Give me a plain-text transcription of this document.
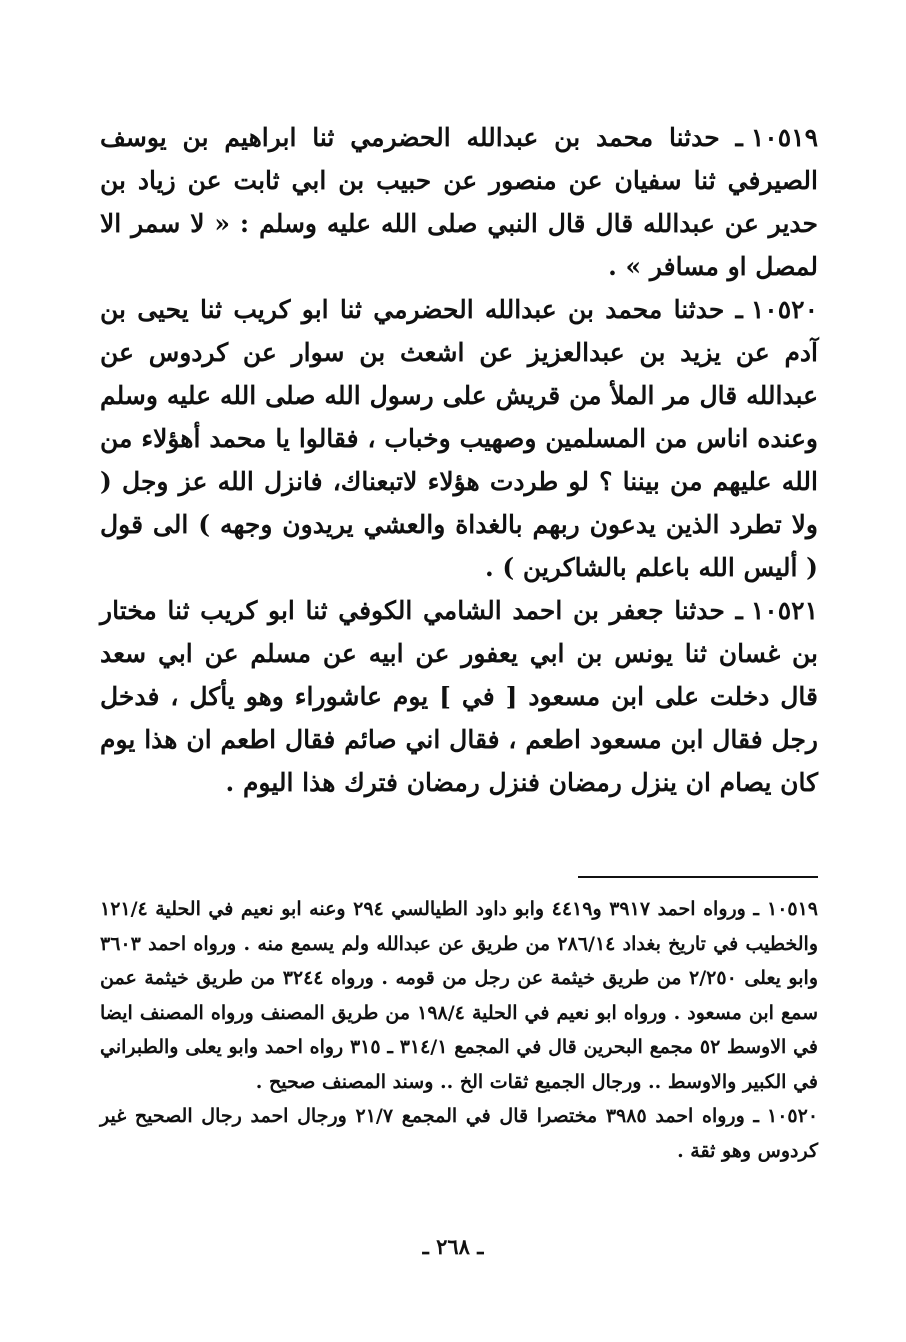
١٠٥١٩ـ حدثنا محمد بن عبدالله الحضرمي ثنا ابراهيم بن يوسف الصيرفي ثنا سفيان عن منصور عن حبيب بن ابي ثابت عن زياد بن حدير عن عبدالله قال قال النبي صلى الله عليه وسلم : « لا سمر الا لمصل او مسافر » .

١٠٥٢٠ـ حدثنا محمد بن عبدالله الحضرمي ثنا ابو كريب ثنا يحيى بن آدم عن يزيد بن عبدالعزيز عن اشعث بن سوار عن كردوس عن عبدالله قال مر الملأ من قريش على رسول الله صلى الله عليه وسلم وعنده اناس من المسلمين وصهيب وخباب ، فقالوا يا محمد أهؤلاء من الله عليهم من بيننا ؟ لو طردت هؤلاء لاتبعناك، فانزل الله عز وجل ( ولا تطرد الذين يدعون ربهم بالغداة والعشي يريدون وجهه ) الى قول ( أليس الله باعلم بالشاكرين ) .

١٠٥٢١ـ حدثنا جعفر بن احمد الشامي الكوفي ثنا ابو كريب ثنا مختار بن غسان ثنا يونس بن ابي يعفور عن ابيه عن مسلم عن ابي سعد قال دخلت على ابن مسعود [ في ] يوم عاشوراء وهو يأكل ، فدخل رجل فقال ابن مسعود اطعم ، فقال اني صائم فقال اطعم ان هذا يوم كان يصام ان ينزل رمضان فنزل رمضان فترك هذا اليوم .

١٠٥١٩ـ ورواه احمد ٣٩١٧ و٤٤١٩ وابو داود الطيالسي ٢٩٤ وعنه ابو نعيم في الحلية ١٢١/٤ والخطيب في تاريخ بغداد ٢٨٦/١٤ من طريق عن عبدالله ولم يسمع منه . ورواه احمد ٣٦٠٣ وابو يعلى ٢/٢٥٠ من طريق خيثمة عن رجل من قومه . ورواه ٣٢٤٤ من طريق خيثمة عمن سمع ابن مسعود . ورواه ابو نعيم في الحلية ١٩٨/٤ من طريق المصنف ورواه المصنف ايضا في الاوسط ٥٢ مجمع البحرين قال في المجمع ٣١٤/١ ـ ٣١٥ رواه احمد وابو يعلى والطبراني في الكبير والاوسط .. ورجال الجميع ثقات الخ .. وسند المصنف صحيح .

١٠٥٢٠ـ ورواه احمد ٣٩٨٥ مختصرا قال في المجمع ٢١/٧ ورجال احمد رجال الصحيح غير كردوس وهو ثقة .

ـ ٢٦٨ ـ
